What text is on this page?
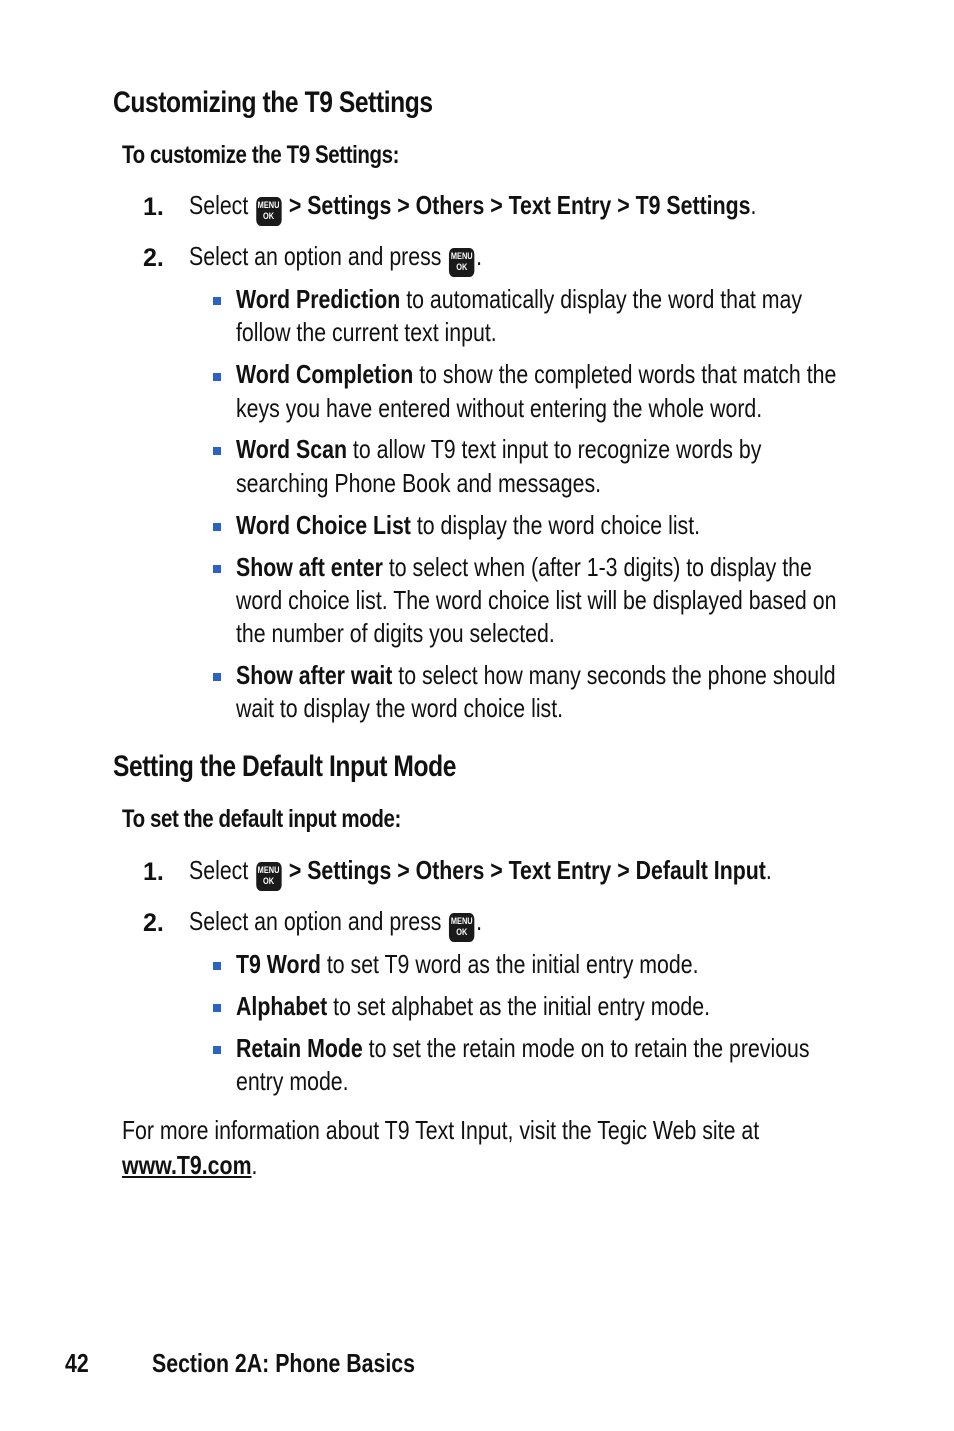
Customizing the T9 Settings
To customize the T9 Settings:
1. Select MENU
OK > Settings > Others > Text Entry > T9 Settings.
2. Select an option and press MENU
OK .
Word Prediction to automatically display the word that may
follow the current text input.
Word Completion to show the completed words that match the
keys you have entered without entering the whole word.
Word Scan to allow T9 text input to recognize words by
searching Phone Book and messages.
Word Choice List to display the word choice list.
Show aft enter to select when (after 1-3 digits) to display the
word choice list. The word choice list will be displayed based on
the number of digits you selected.
Show after wait to select how many seconds the phone should
wait to display the word choice list.
Setting the Default Input Mode
To set the default input mode:
1. Select MENU
OK > Settings > Others > Text Entry > Default Input.
2. Select an option and press MENU
OK .
T9 Word to set T9 word as the initial entry mode.
Alphabet to set alphabet as the initial entry mode.
Retain Mode to set the retain mode on to retain the previous
entry mode.
For more information about T9 Text Input, visit the Tegic Web site at
www.T9.com.
42 Section 2A: Phone Basics
